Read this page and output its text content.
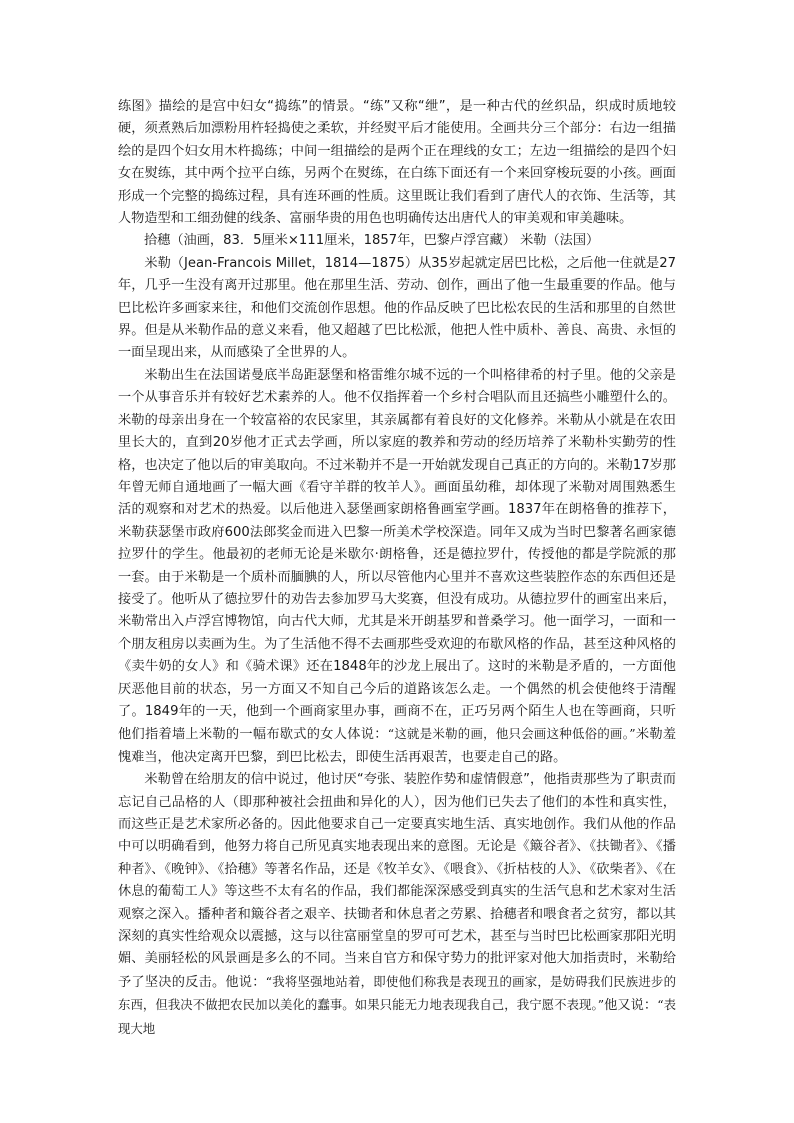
练图》描绘的是宫中妇女“捣练”的情景。“练”又称“绁”，是一种古代的丝织品，织成时质地较硬，须煮熟后加漂粉用杵轻捣使之柔软，并经熨平后才能使用。全画共分三个部分：右边一组描绘的是四个妇女用木杵捣练；中间一组描绘的是两个正在理线的女工；左边一组描绘的是四个妇女在熨练，其中两个拉平白练，另两个在熨练，在白练下面还有一个来回穿梭玩耍的小孩。画面形成一个完整的捣练过程，具有连环画的性质。这里既让我们看到了唐代人的衣饰、生活等，其人物造型和工细劲健的线条、富丽华贵的用色也明确传达出唐代人的审美观和审美趣味。

拾穗（油画，83．5厘米×111厘米，1857年，巴黎卢浮宫藏） 米勒（法国）

米勒（Jean-Francois Millet，1814—1875）从35岁起就定居巴比松，之后他一住就是27年，几乎一生没有离开过那里。他在那里生活、劳动、创作，画出了他一生最重要的作品。他与巴比松许多画家来往，和他们交流创作思想。他的作品反映了巴比松农民的生活和那里的自然世界。但是从米勒作品的意义来看，他又超越了巴比松派，他把人性中质朴、善良、高贵、永恒的一面呈现出来，从而感染了全世界的人。

米勒出生在法国诺曼底半岛距瑟堡和格雷维尔城不远的一个叫格律希的村子里。他的父亲是一个从事音乐并有较好艺术素养的人。他不仅指挥着一个乡村合唱队而且还搞些小雕塑什么的。米勒的母亲出身在一个较富裕的农民家里，其亲属都有着良好的文化修养。米勒从小就是在农田里长大的，直到20岁他才正式去学画，所以家庭的教养和劳动的经历培养了米勒朴实勤劳的性格，也决定了他以后的审美取向。不过米勒并不是一开始就发现自己真正的方向的。米勒17岁那年曾无师自通地画了一幅大画《看守羊群的牧羊人》。画面虽幼稚，却体现了米勒对周围熟悉生活的观察和对艺术的热爱。以后他进入瑟堡画家朗格鲁画室学画。1837年在朗格鲁的推荐下，米勒获瑟堡市政府600法郎奖金而进入巴黎一所美术学校深造。同年又成为当时巴黎著名画家德拉罗什的学生。他最初的老师无论是米歇尔·朗格鲁，还是德拉罗什，传授他的都是学院派的那一套。由于米勒是一个质朴而腼腆的人，所以尽管他内心里并不喜欢这些装腔作态的东西但还是接受了。他听从了德拉罗什的劝告去参加罗马大奖赛，但没有成功。从德拉罗什的画室出来后，米勒常出入卢浮宫博物馆，向古代大师，尤其是米开朗基罗和普桑学习。他一面学习，一面和一个朋友租房以卖画为生。为了生活他不得不去画那些受欢迎的布歇风格的作品，甚至这种风格的《卖牛奶的女人》和《骑术课》还在1848年的沙龙上展出了。这时的米勒是矛盾的，一方面他厌恶他目前的状态，另一方面又不知自己今后的道路该怎么走。一个偶然的机会使他终于清醒了。1849年的一天，他到一个画商家里办事，画商不在，正巧另两个陌生人也在等画商，只听他们指着墙上米勒的一幅布歇式的女人体说：“这就是米勒的画，他只会画这种低俗的画。”米勒羞愧难当，他决定离开巴黎，到巴比松去，即使生活再艰苦，也要走自己的路。

米勒曾在给朋友的信中说过，他讨厌“夸张、装腔作势和虚情假意”，他指责那些为了职责而忘记自己品格的人（即那种被社会扭曲和异化的人），因为他们已失去了他们的本性和真实性，而这些正是艺术家所必备的。因此他要求自己一定要真实地生活、真实地创作。我们从他的作品中可以明确看到，他努力将自己所见真实地表现出来的意图。无论是《簸谷者》、《扶锄者》、《播种者》、《晚钟》、《拾穗》等著名作品，还是《牧羊女》、《喂食》、《折枯枝的人》、《砍柴者》、《在休息的葡萄工人》等这些不太有名的作品，我们都能深深感受到真实的生活气息和艺术家对生活观察之深入。播种者和簸谷者之艰辛、扶锄者和休息者之劳累、拾穗者和喂食者之贫穷，都以其深刻的真实性给观众以震撼，这与以往富丽堂皇的罗可可艺术，甚至与当时巴比松画家那阳光明媚、美丽轻松的风景画是多么的不同。当来自官方和保守势力的批评家对他大加指责时，米勒给予了坚决的反击。他说：“我将坚强地站着，即使他们称我是表现丑的画家，是妨碍我们民族进步的东西，但我决不做把农民加以美化的蠢事。如果只能无力地表现我自己，我宁愿不表现。”他又说：“表现大地
